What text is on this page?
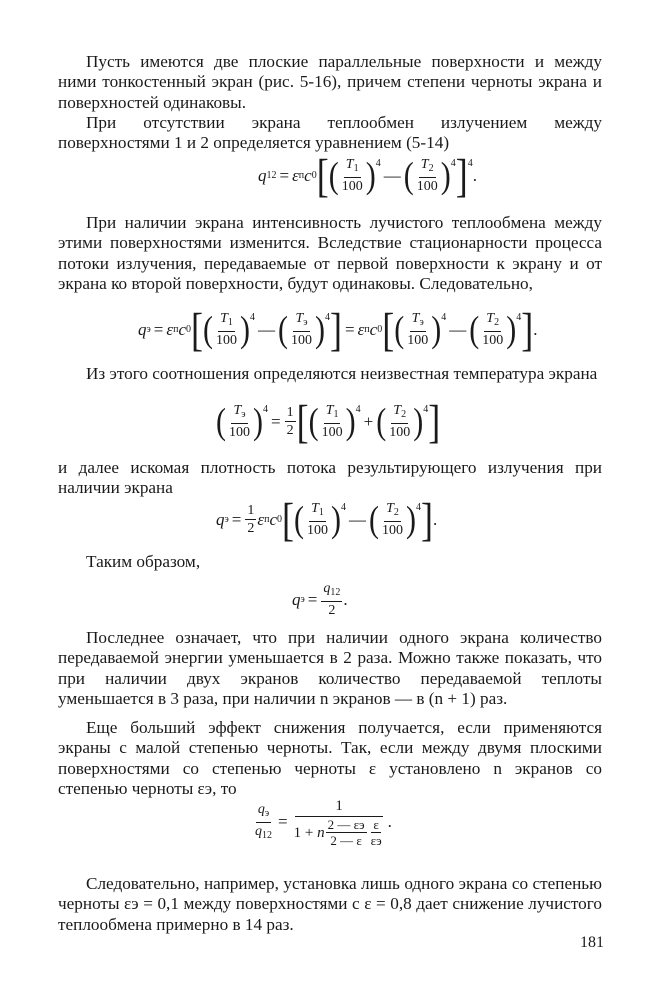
Пусть имеются две плоские параллельные поверхности и между ними тонкостенный экран (рис. 5-16), причем степени черноты экрана и поверхностей одинаковы.

При отсутствии экрана теплообмен излучением между поверхностями 1 и 2 определяется уравнением (5-14)

q 12 = ε п c 0 [ ( $\frac{T_1}{100}$ ) 4
— ( $\frac{T_2}{100}$ ) 4 ] 4
.

При наличии экрана интенсивность лучистого теплообмена между этими поверхностями изменится. Вследствие стационарности процесса потоки излучения, передаваемые от первой поверхности к экрану и от экрана ко второй поверхности, будут одинаковы. Следовательно,

q э = ε п c 0 [ ( $\frac{T_1}{100}$ ) 4
— ( $\frac{T_э}{100}$ ) 4 ] = ε п c 0 [ ( $\frac{T_э}{100}$ ) 4
— ( $\frac{T_2}{100}$ ) 4 ] .

Из этого соотношения определяются неизвестная температура экрана

( $\frac{T_э}{100}$ ) 4
= $\frac{1}{2}$ [ ( $\frac{T_1}{100}$ ) 4
+ ( $\frac{T_2}{100}$ ) 4 ]

и далее искомая плотность потока результирующего излучения при наличии экрана

q $э = \frac{1}{2}$ ε п c 0 [ ( $\frac{T_1}{100}$ ) 4
— ( $\frac{T_2}{100}$ ) 4 ] .

Таким образом,

q $э = \frac{q_{12}}{2}$ .

Последнее означает, что при наличии одного экрана количество передаваемой энергии уменьшается в 2 раза. Можно также показать, что при наличии двух экранов количество передаваемой теплоты уменьшается в 3 раза, при наличии n экранов — в (n + 1) раз.

Еще больший эффект снижения получается, если применяются экраны с малой степенью черноты. Так, если между двумя плоскими поверхностями со степенью черноты ε установлено n экранов со степенью черноты εэ, то

$\frac{q_э}{q_{12}} = 1$
1 +
n $\frac{2 — \varepsilon э}{2 — \varepsilon} \frac{\varepsilon}{\varepsilon э}$ .

Следовательно, например, установка лишь одного экрана со степенью черноты εэ = 0,1 между поверхностями с ε = 0,8 дает снижение лучистого теплообмена примерно в 14 раз.

181
